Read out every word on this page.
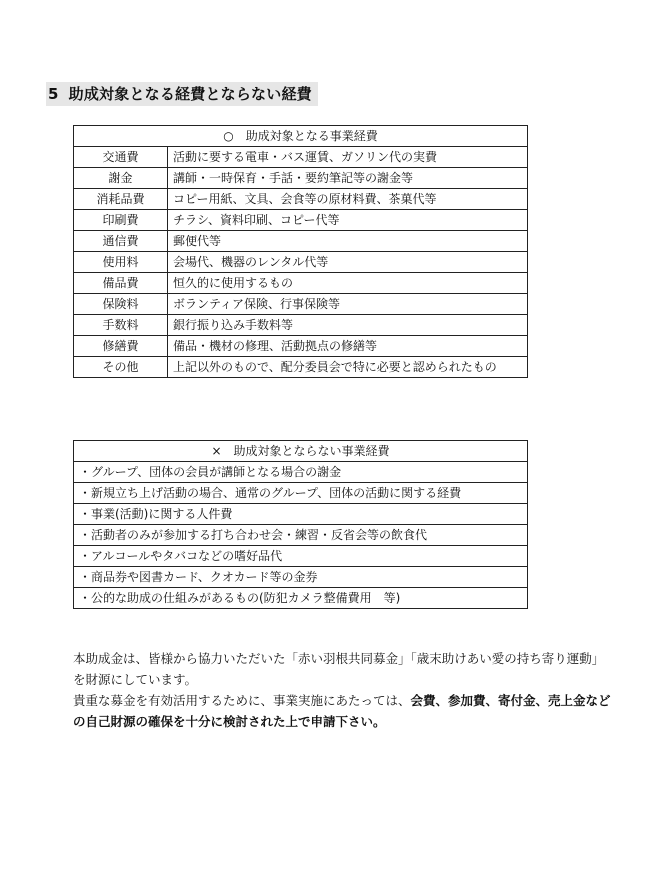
5 助成対象となる経費とならない経費
○　助成対象となる事業経費	
交通費	活動に要する電車・バス運賃、ガソリン代の実費
謝金	講師・一時保育・手話・要約筆記等の謝金等
消耗品費	コピー用紙、文具、会食等の原材料費、茶菓代等
印刷費	チラシ、資料印刷、コピー代等
通信費	郵便代等
使用料	会場代、機器のレンタル代等
備品費	恒久的に使用するもの
保険料	ボランティア保険、行事保険等
手数料	銀行振り込み手数料等
修繕費	備品・機材の修理、活動拠点の修繕等
その他	上記以外のもので、配分委員会で特に必要と認められたもの
×　助成対象とならない事業経費
・グループ、団体の会員が講師となる場合の謝金
・新規立ち上げ活動の場合、通常のグループ、団体の活動に関する経費
・事業(活動)に関する人件費
・活動者のみが参加する打ち合わせ会・練習・反省会等の飲食代
・アルコールやタバコなどの嗜好品代
・商品券や図書カード、クオカード等の金券
・公的な助成の仕組みがあるもの(防犯カメラ整備費用　等)

本助成金は、皆様から協力いただいた「赤い羽根共同募金」「歳末助けあい愛の持ち寄り運動」

を財源にしています。

貴重な募金を有効活用するために、事業実施にあたっては、会費、参加費、寄付金、売上金など

の自己財源の確保を十分に検討された上で申請下さい。
